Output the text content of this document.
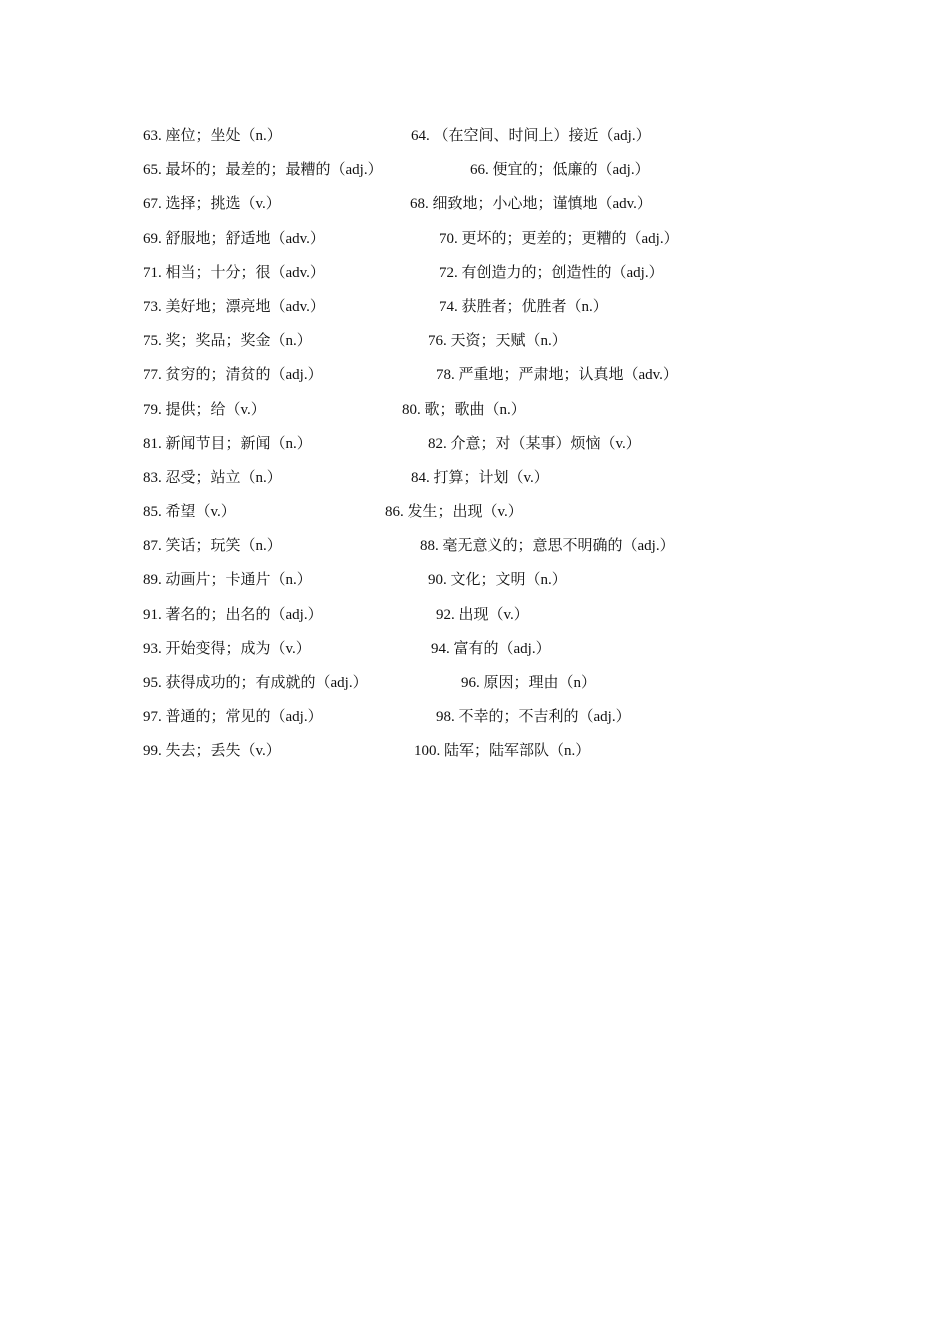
63. 座位；坐处（n.）	64. （在空间、时间上）接近（adj.）
65. 最坏的；最差的；最糟的（adj.）	66. 便宜的；低廉的（adj.）
67. 选择；挑选（v.）	68. 细致地；小心地；谨慎地（adv.）
69. 舒服地；舒适地（adv.）	70. 更坏的；更差的；更糟的（adj.）
71. 相当；十分；很（adv.）	72. 有创造力的；创造性的（adj.）
73. 美好地；漂亮地（adv.）	74. 获胜者；优胜者（n.）
75. 奖；奖品；奖金（n.）	76. 天资；天赋（n.）
77. 贫穷的；清贫的（adj.）	78. 严重地；严肃地；认真地（adv.）
79. 提供；给（v.）	80. 歌；歌曲（n.）
81. 新闻节目；新闻（n.）	82. 介意；对（某事）烦恼（v.）
83. 忍受；站立（n.）	84. 打算；计划（v.）
85. 希望（v.）	86. 发生；出现（v.）
87. 笑话；玩笑（n.）	88. 毫无意义的；意思不明确的（adj.）
89. 动画片；卡通片（n.）	90. 文化；文明（n.）
91. 著名的；出名的（adj.）	92. 出现（v.）
93. 开始变得；成为（v.）	94. 富有的（adj.）
95. 获得成功的；有成就的（adj.）	96. 原因；理由（n）
97. 普通的；常见的（adj.）	98. 不幸的；不吉利的（adj.）
99. 失去；丢失（v.）	100. 陆军；陆军部队（n.）
